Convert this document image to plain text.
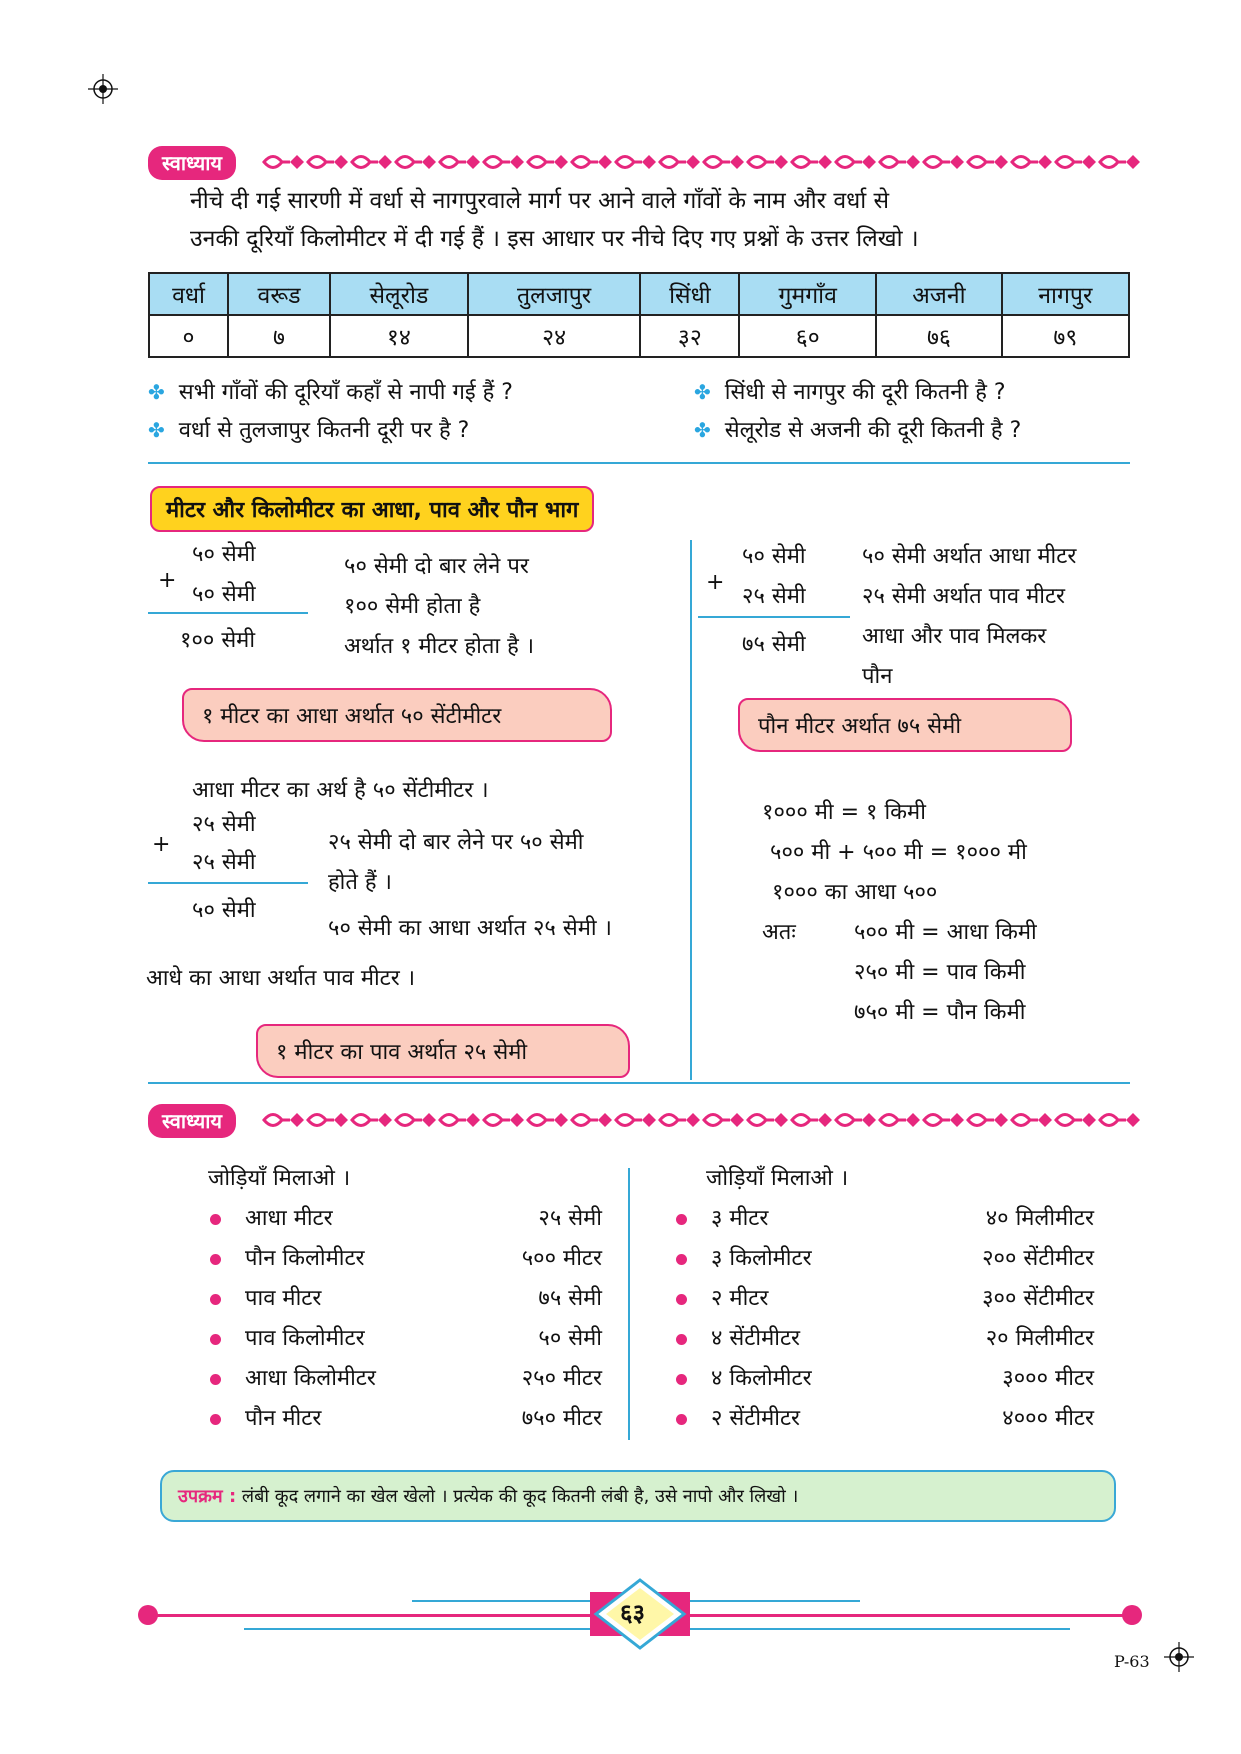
स्वाध्याय
नीचे दी गई सारणी में वर्धा से नागपुरवाले मार्ग पर आने वाले गाँवों के नाम और वर्धा से
उनकी दूरियाँ किलोमीटर में दी गई हैं । इस आधार पर नीचे दिए गए प्रश्नों के उत्तर लिखो ।
वर्धा	वरूड	सेलूरोड	तुलजापुर	सिंधी	गुमगाँव	अजनी	नागपुर
०	७	१४	२४	३२	६०	७६	७९
✤ सभी गाँवों की दूरियाँ कहाँ से नापी गई हैं ?	✤ सिंधी से नागपुर की दूरी कितनी है ?
✤ वर्धा से तुलजापुर कितनी दूरी पर है ?	✤ सेलूरोड से अजनी की दूरी कितनी है ?
मीटर और किलोमीटर का आधा, पाव और पौन भाग
+
५० सेमी
५० सेमी
१०० सेमी
५० सेमी दो बार लेने पर
१०० सेमी होता है
अर्थात १ मीटर होता है ।
१ मीटर का आधा अर्थात ५० सेंटीमीटर
आधा मीटर का अर्थ है ५० सेंटीमीटर ।
+
२५ सेमी
२५ सेमी
५० सेमी
२५ सेमी दो बार लेने पर ५० सेमी
होते हैं ।
५० सेमी का आधा अर्थात २५ सेमी ।
आधे का आधा अर्थात पाव मीटर ।
१ मीटर का पाव अर्थात २५ सेमी
+
५० सेमी
२५ सेमी
७५ सेमी
५० सेमी अर्थात आधा मीटर
२५ सेमी अर्थात पाव मीटर
आधा और पाव मिलकर
पौन
पौन मीटर अर्थात ७५ सेमी
१००० मी = १ किमी
५०० मी + ५०० मी = १००० मी
१००० का आधा ५००
अतः	५०० मी = आधा किमी
२५० मी = पाव किमी
७५० मी = पौन किमी
स्वाध्याय
जोड़ियाँ मिलाओ ।	जोड़ियाँ मिलाओ ।
आधा मीटर	२५ सेमी
पौन किलोमीटर	५०० मीटर
पाव मीटर	७५ सेमी
पाव किलोमीटर	५० सेमी
आधा किलोमीटर	२५० मीटर
पौन मीटर	७५० मीटर
३ मीटर	४० मिलीमीटर
३ किलोमीटर	२०० सेंटीमीटर
२ मीटर	३०० सेंटीमीटर
४ सेंटीमीटर	२० मिलीमीटर
४ किलोमीटर	३००० मीटर
२ सेंटीमीटर	४००० मीटर
उपक्रम : लंबी कूद लगाने का खेल खेलो । प्रत्येक की कूद कितनी लंबी है, उसे नापो और लिखो ।
६३
P-63
